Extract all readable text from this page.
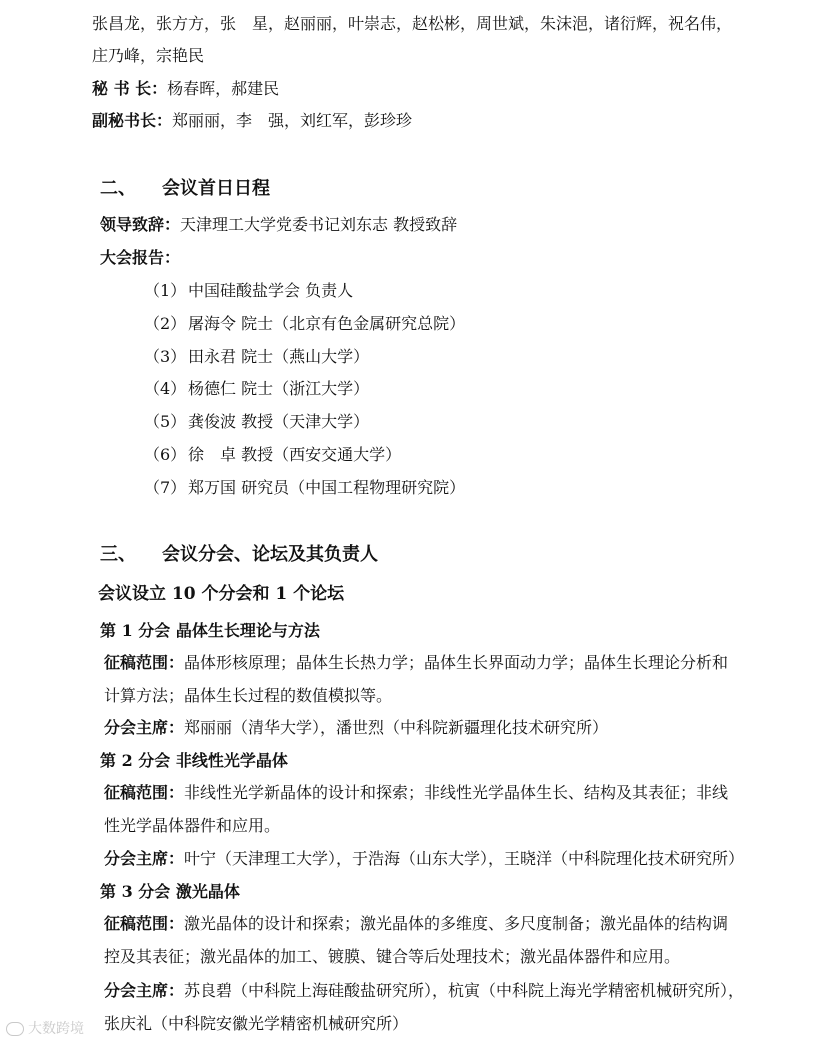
张昌龙，张方方，张　星，赵丽丽，叶崇志，赵松彬，周世斌，朱沫浥，诸衍辉，祝名伟，
庄乃峰，宗艳民
秘 书 长：杨春晖，郝建民
副秘书长：郑丽丽，李　强，刘红军，彭珍珍
二、 会议首日日程
领导致辞：天津理工大学党委书记刘东志 教授致辞
大会报告：
（1） 中国硅酸盐学会 负责人
（2） 屠海令 院士（北京有色金属研究总院）
（3） 田永君 院士（燕山大学）
（4） 杨德仁 院士（浙江大学）
（5） 龚俊波 教授（天津大学）
（6） 徐　卓 教授（西安交通大学）
（7） 郑万国 研究员（中国工程物理研究院）
三、 会议分会、论坛及其负责人
会议设立 10 个分会和 1 个论坛
第 1 分会 晶体生长理论与方法
征稿范围：晶体形核原理；晶体生长热力学；晶体生长界面动力学；晶体生长理论分析和
计算方法；晶体生长过程的数值模拟等。
分会主席：郑丽丽（清华大学），潘世烈（中科院新疆理化技术研究所）
第 2 分会 非线性光学晶体
征稿范围：非线性光学新晶体的设计和探索；非线性光学晶体生长、结构及其表征；非线
性光学晶体器件和应用。
分会主席：叶宁（天津理工大学），于浩海（山东大学），王晓洋（中科院理化技术研究所）
第 3 分会 激光晶体
征稿范围：激光晶体的设计和探索；激光晶体的多维度、多尺度制备；激光晶体的结构调
控及其表征；激光晶体的加工、镀膜、键合等后处理技术；激光晶体器件和应用。
分会主席：苏良碧（中科院上海硅酸盐研究所），杭寅（中科院上海光学精密机械研究所），
张庆礼（中科院安徽光学精密机械研究所）
大数跨境
